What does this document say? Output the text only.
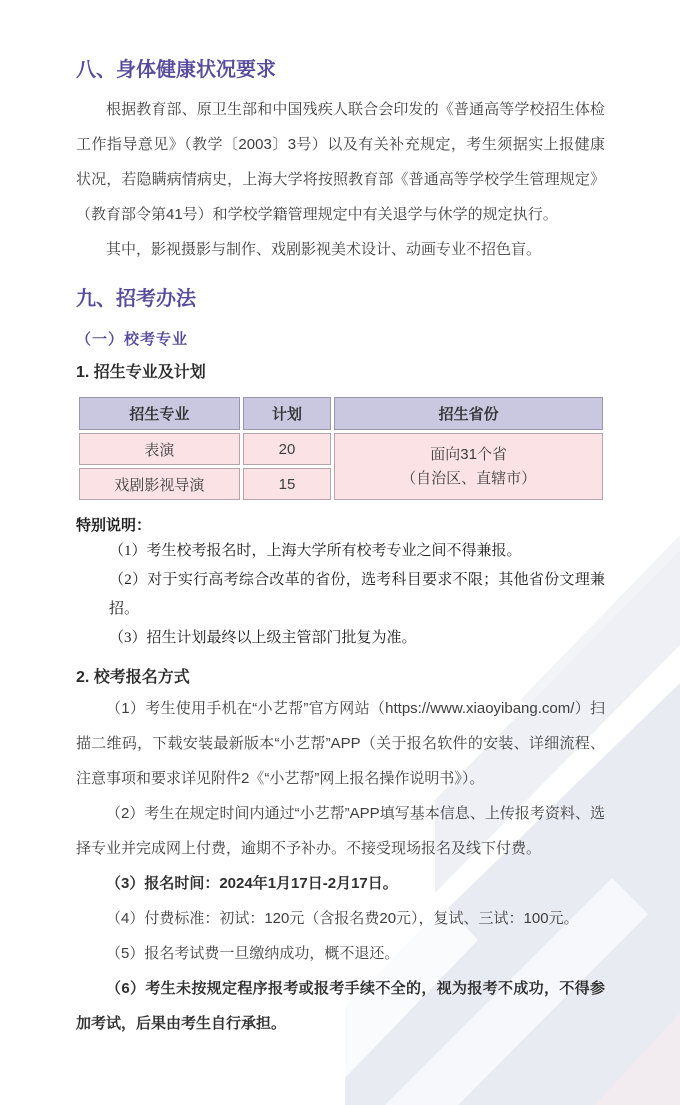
八、身体健康状况要求

根据教育部、原卫生部和中国残疾人联合会印发的《普通高等学校招生体检工作指导意见》（教学〔2003〕3号）以及有关补充规定，考生须据实上报健康状况，若隐瞒病情病史，上海大学将按照教育部《普通高等学校学生管理规定》（教育部令第41号）和学校学籍管理规定中有关退学与休学的规定执行。

其中，影视摄影与制作、戏剧影视美术设计、动画专业不招色盲。

九、招考办法
（一）校考专业
1. 招生专业及计划
招生专业	计划	招生省份
表演	20	面向31个省
（自治区、直辖市）

戏剧影视导演	15	

特别说明：

（1）考生校考报名时，上海大学所有校考专业之间不得兼报。

（2）对于实行高考综合改革的省份，选考科目要求不限；其他省份文理兼招。

（3）招生计划最终以上级主管部门批复为准。

2. 校考报名方式

（1）考生使用手机在“小艺帮”官方网站（https://www.xiaoyibang.com/）扫描二维码，下载安装最新版本“小艺帮”APP（关于报名软件的安装、详细流程、注意事项和要求详见附件2《“小艺帮”网上报名操作说明书》）。

（2）考生在规定时间内通过“小艺帮”APP填写基本信息、上传报考资料、选择专业并完成网上付费，逾期不予补办。不接受现场报名及线下付费。

（3）报名时间：2024年1月17日-2月17日。

（4）付费标准：初试：120元（含报名费20元），复试、三试：100元。

（5）报名考试费一旦缴纳成功，概不退还。

（6）考生未按规定程序报考或报考手续不全的，视为报考不成功，不得参加考试，后果由考生自行承担。
